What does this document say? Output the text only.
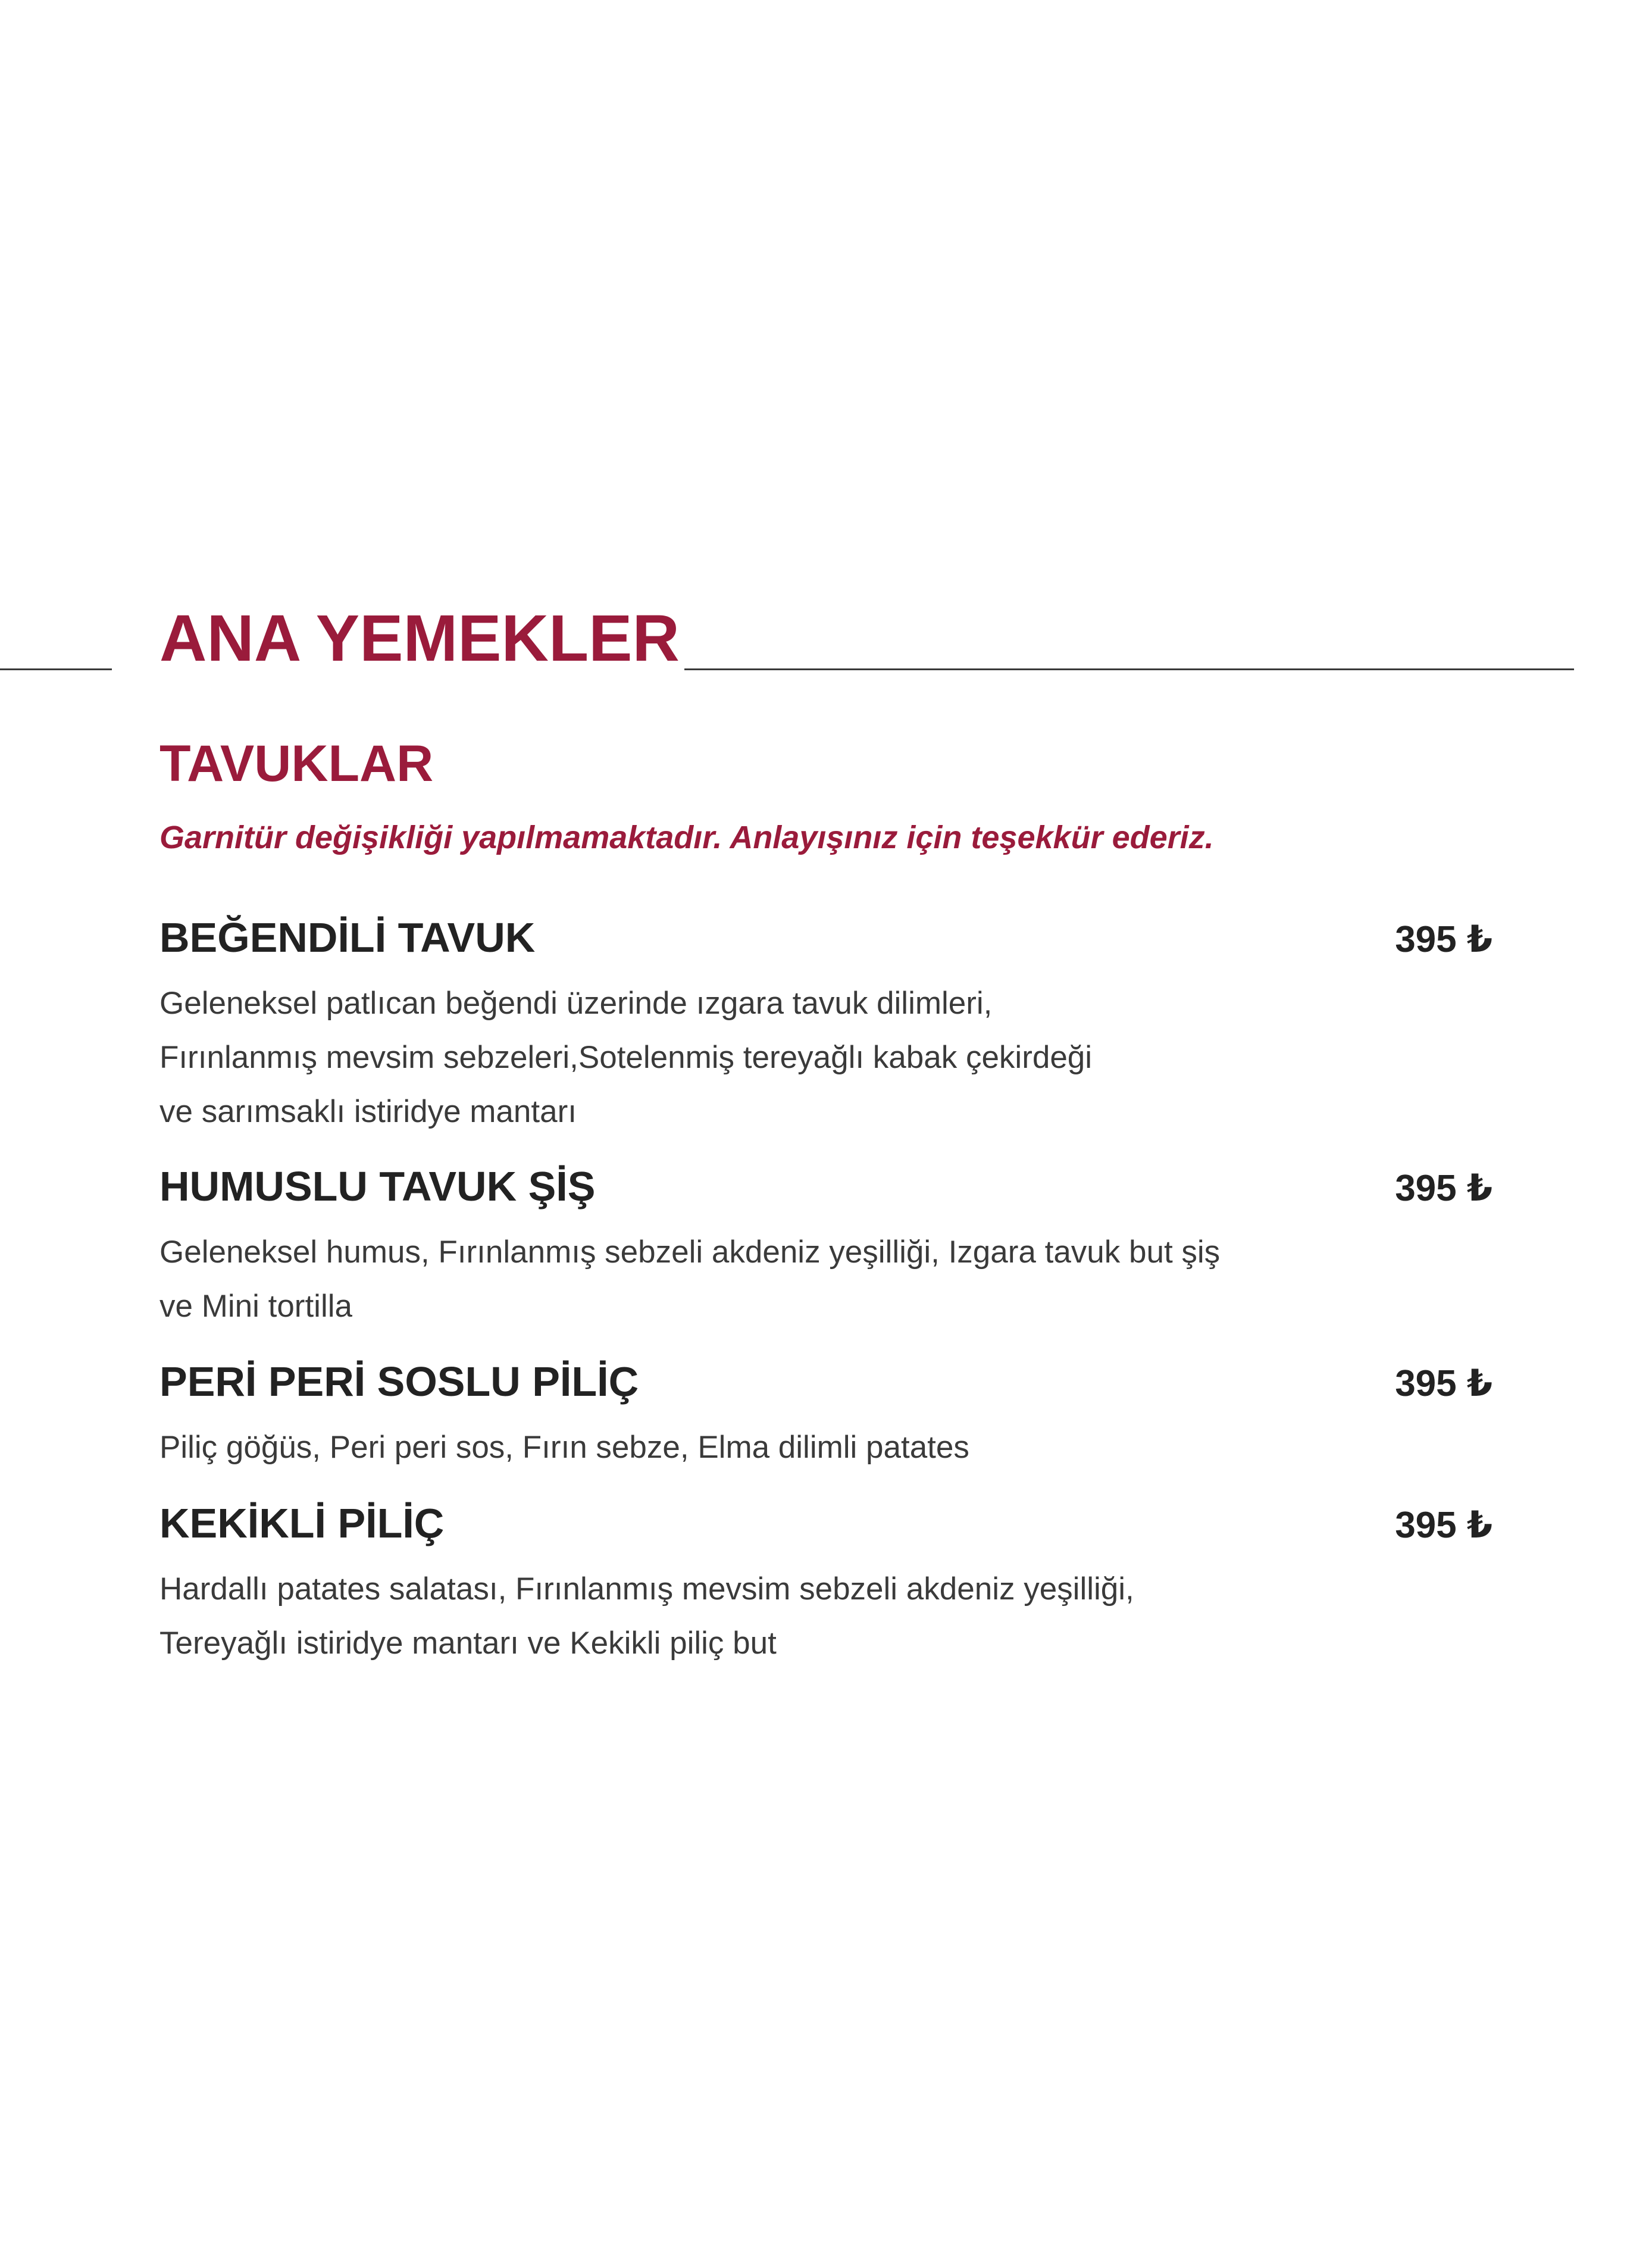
ANA YEMEKLER
TAVUKLAR

Garnitür değişikliği yapılmamaktadır. Anlayışınız için teşekkür ederiz.

BEĞENDİLİ TAVUK	395 ₺
Geleneksel patlıcan beğendi üzerinde ızgara tavuk dilimleri,
Fırınlanmış mevsim sebzeleri,Sotelenmiş tereyağlı kabak çekirdeği
ve sarımsaklı istiridye mantarı
HUMUSLU TAVUK ŞİŞ	395 ₺
Geleneksel humus, Fırınlanmış sebzeli akdeniz yeşilliği, Izgara tavuk but şiş
ve Mini tortilla
PERİ PERİ SOSLU PİLİÇ	395 ₺
Piliç göğüs, Peri peri sos, Fırın sebze, Elma dilimli patates
KEKİKLİ PİLİÇ	395 ₺
Hardallı patates salatası, Fırınlanmış mevsim sebzeli akdeniz yeşilliği,
Tereyağlı istiridye mantarı ve Kekikli piliç but
